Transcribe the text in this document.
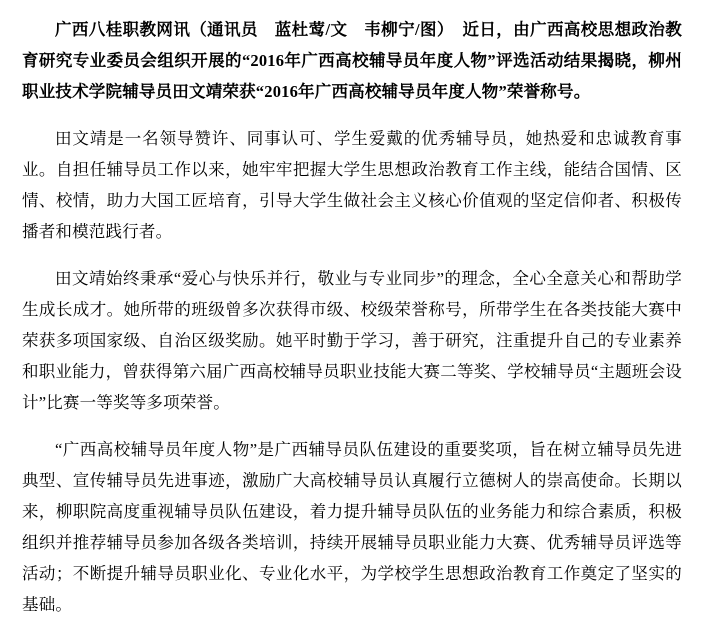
广西八桂职教网讯（通讯员　蓝杜莺/文　韦柳宁/图）　近日，由广西高校思想政治教育研究专业委员会组织开展的“2016年广西高校辅导员年度人物”评选活动结果揭晓，柳州职业技术学院辅导员田文靖荣获“2016年广西高校辅导员年度人物”荣誉称号。

田文靖是一名领导赞许、同事认可、学生爱戴的优秀辅导员，她热爱和忠诚教育事业。自担任辅导员工作以来，她牢牢把握大学生思想政治教育工作主线，能结合国情、区情、校情，助力大国工匠培育，引导大学生做社会主义核心价值观的坚定信仰者、积极传播者和模范践行者。

田文靖始终秉承“爱心与快乐并行，敬业与专业同步”的理念，全心全意关心和帮助学生成长成才。她所带的班级曾多次获得市级、校级荣誉称号，所带学生在各类技能大赛中荣获多项国家级、自治区级奖励。她平时勤于学习，善于研究，注重提升自己的专业素养和职业能力，曾获得第六届广西高校辅导员职业技能大赛二等奖、学校辅导员“主题班会设计”比赛一等奖等多项荣誉。

“广西高校辅导员年度人物”是广西辅导员队伍建设的重要奖项，旨在树立辅导员先进典型、宣传辅导员先进事迹，激励广大高校辅导员认真履行立德树人的崇高使命。长期以来，柳职院高度重视辅导员队伍建设，着力提升辅导员队伍的业务能力和综合素质，积极组织并推荐辅导员参加各级各类培训，持续开展辅导员职业能力大赛、优秀辅导员评选等活动；不断提升辅导员职业化、专业化水平，为学校学生思想政治教育工作奠定了坚实的基础。
